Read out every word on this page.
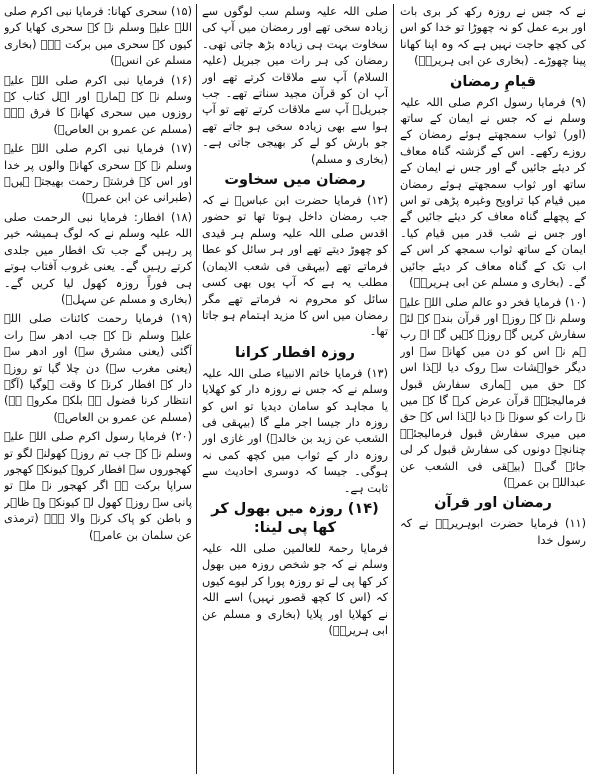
نے کہ جس نے روزہ رکھ کر بری بات اور برے عمل کو نہ چھوڑا تو خدا کو اس کی کچھ حاجت نہیں ہے کہ وہ اپنا کھانا پینا چھوڑے۔ (بخاری عن ابی ہریرہؓ)

قیامِ رمضان

(۹) فرمایا رسول اکرم صلی اللہ علیہ وسلم نے کہ جس نے ایمان کے ساتھ (اور) ثواب سمجھتے ہوئے رمضان کے روزے رکھے۔ اس کے گزشتہ گناہ معاف کر دیئے جائیں گے اور جس نے ایمان کے ساتھ اور ثواب سمجھتے ہوئے رمضان میں قیام کیا تراویح وغیرہ پڑھی تو اس کے پچھلے گناہ معاف کر دیئے جائیں گے اور جس نے شب قدر میں قیام کیا۔ ایمان کے ساتھ ثواب سمجھ کر اس کے اب تک کے گناہ معاف کر دیئے جائیں گے۔ (بخاری و مسلم عن ابی ہریرہؓ)

(۱۰) فرمایا فخر دو عالم صلی اللہ علیہ وسلم نے کہ روزے اور قرآن بندہ کے لئے سفارش کریں گے روزے کہیں گے اے رب ہم نے اس کو دن میں کھانے سے اور دیگر خواہشات سے روک دیا لہذا اس کے حق میں ہماری سفارش قبول فرمالیجئے۔ قرآن عرض کرے گا کہ میں نے رات کو سونے نہ دیا لہذا اس کے حق میں میری سفارش قبول فرمالیجئے۔ چنانچہ دونوں کی سفارش قبول کر لی جائے گی۔ (بیہقی فی الشعب عن عبداللہ بن عمرؓ)

رمضان اور قرآن

(۱۱) فرمایا حضرت ابوہریرہؓ نے کہ رسول خدا

صلی اللہ علیہ وسلم سب لوگوں سے زیادہ سخی تھے اور رمضان میں آپ کی سخاوت بہت ہی زیادہ بڑھ جاتی تھی۔ رمضان کی ہر رات میں جبریل (علیہ السلام) آپ سے ملاقات کرتے تھے اور آپ ان کو قرآن مجید سناتے تھے۔ جب جبریلؑ آپ سے ملاقات کرتے تھے تو آپ ہوا سے بھی زیادہ سخی ہو جاتے تھے جو بارش کو لے کر بھیجی جاتی ہے۔ (بخاری و مسلم)

رمضان میں سخاوت

(۱۲) فرمایا حضرت ابن عباسؓ نے کہ جب رمضان داخل ہوتا تھا تو حضور اقدس صلی اللہ علیہ وسلم ہر قیدی کو چھوڑ دیتے تھے اور ہر سائل کو عطا فرماتے تھے (بیہقی فی شعب الایمان) مطلب یہ ہے کہ آپ یوں بھی کسی سائل کو محروم نہ فرماتے تھے مگر رمضان میں اس کا مزید اہتمام ہو جاتا تھا۔

روزہ افطار کرانا

(۱۳) فرمایا خاتم الانبیاء صلی اللہ علیہ وسلم نے کہ جس نے روزہ دار کو کھلایا یا مجاہد کو سامان دیدیا تو اس کو روزہ دار جیسا اجر ملے گا (بیہقی فی الشعب عن زید بن خالدؓ) اور غازی اور روزہ دار کے ثواب میں کچھ کمی نہ ہوگی۔ جیسا کہ دوسری احادیث سے ثابت ہے۔

(۱۴) روزہ میں بھول کر کھا پی لینا:

فرمایا رحمۃ للعالمین صلی اللہ علیہ وسلم نے کہ جو شخص روزہ میں بھول کر کھا پی لے تو روزہ پورا کر لیوے کیوں کہ (اس کا کچھ قصور نہیں) اسے اللہ نے کھلایا اور پلایا (بخاری و مسلم عن ابی ہریرہؓ)

(۱۵) سحری کھانا: فرمایا نبی اکرم صلی اللہ علیہ وسلم نے کہ سحری کھایا کرو کیوں کہ سحری میں برکت ہے۔ (بخاری مسلم عن انسؓ)

(۱۶) فرمایا نبی اکرم صلی اللہ علیہ وسلم نے کہ ہمارے اور اہل کتاب کے روزوں میں سحری کھانے کا فرق ہے۔ (مسلم عن عمرو بن العاصؓ)

(۱۷) فرمایا نبی اکرم صلی اللہ علیہ وسلم نے کہ سحری کھانے والوں پر خدا اور اس کے فرشتے رحمت بھیجتے ہیں۔ (طبرانی عن ابن عمرؓ)

(۱۸) افطار: فرمایا نبی الرحمت صلی اللہ علیہ وسلم نے کہ لوگ ہمیشہ خیر پر رہیں گے جب تک افطار میں جلدی کرتے رہیں گے۔ یعنی غروب آفتاب ہوتے ہی فوراً روزہ کھول لیا کریں گے۔ (بخاری و مسلم عن سہلؓ)

(۱۹) فرمایا رحمت کائنات صلی اللہ علیہ وسلم نے کہ جب ادھر سے رات آگئی (یعنی مشرق سے) اور ادھر سے (یعنی مغرب سے) دن چلا گیا تو روزہ دار کے افطار کرنے کا وقت ہوگیا (آگے انتظار کرنا فضول ہے بلکہ مکروہ ہے) (مسلم عن عمرو بن العاصؓ)

(۲۰) فرمایا رسول اکرم صلی اللہ علیہ وسلم نے کہ جب تم روزہ کھولنے لگو تو کھجوروں سے افطار کرو۔ کیونکہ کھجور سراپا برکت ہے اگر کھجور نہ ملے تو پانی سے روزہ کھول لے کیونکہ وہ ظاہر و باطن کو پاک کرنے والا ہے۔ (ترمذی عن سلمان بن عامرؓ)
